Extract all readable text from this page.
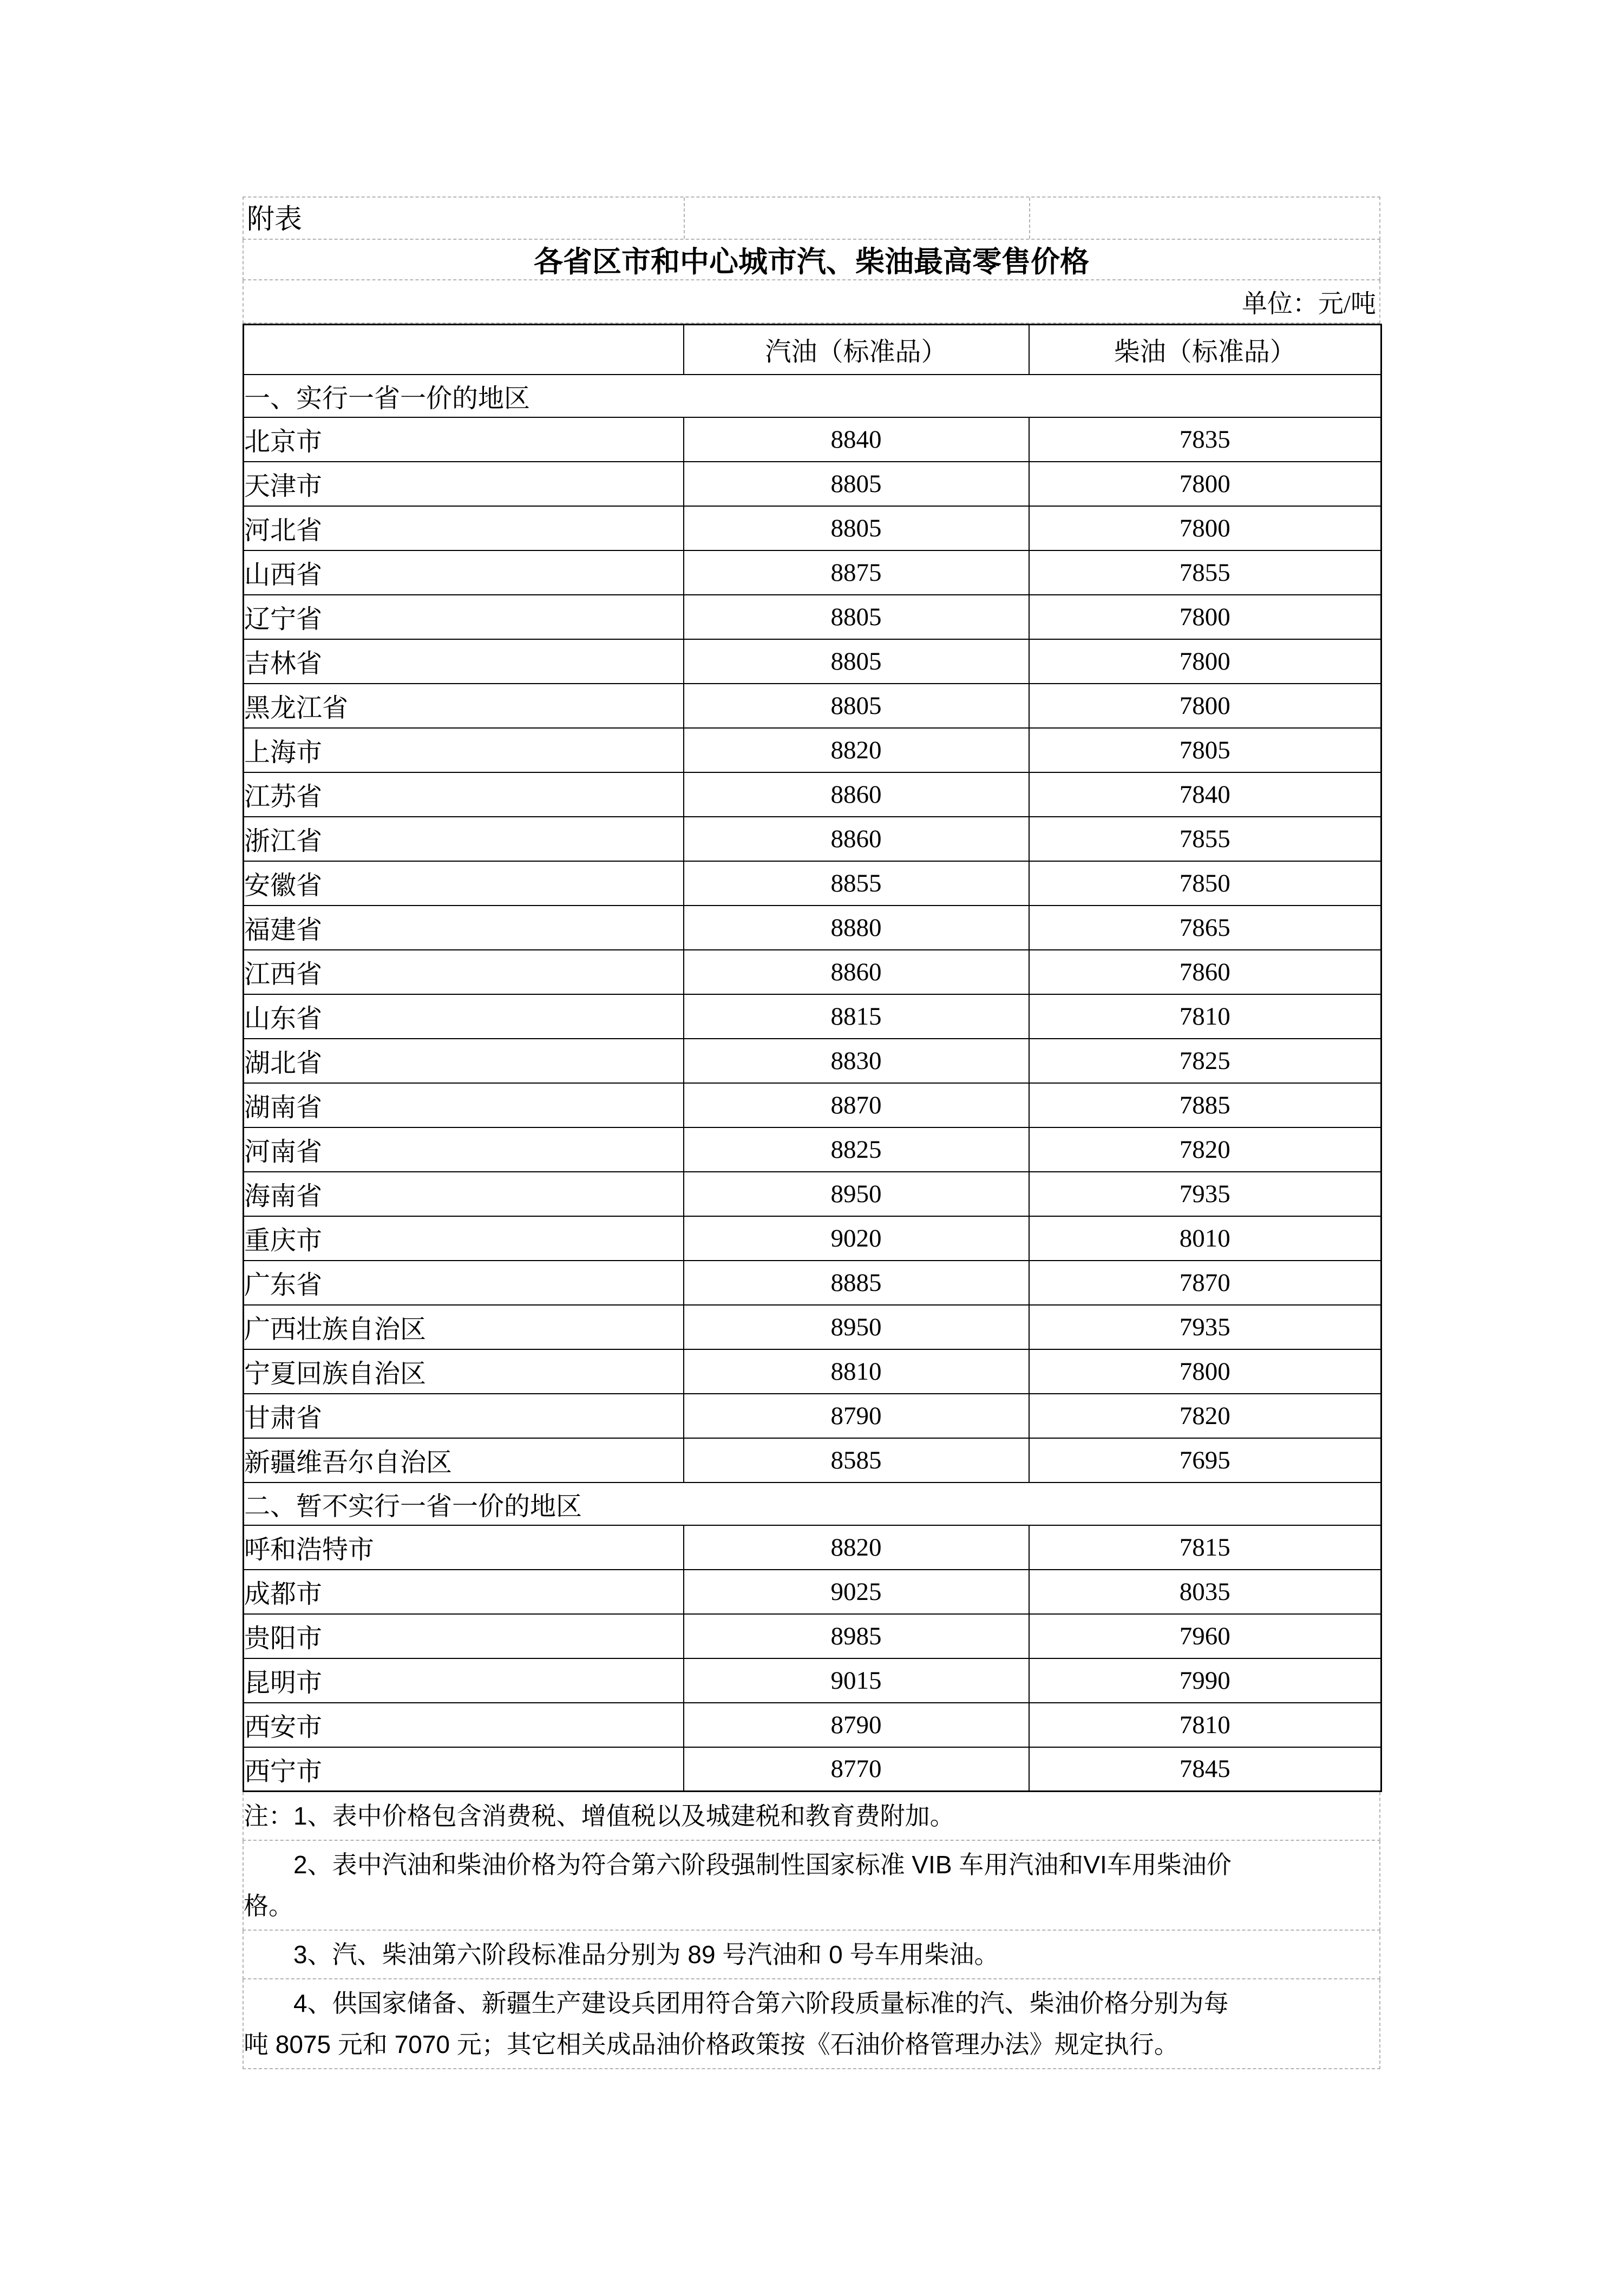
附表
各省区市和中心城市汽、柴油最高零售价格
单位：元/吨
	汽油（标准品）	柴油（标准品）
一、实行一省一价的地区		
北京市	8840	7835
天津市	8805	7800
河北省	8805	7800
山西省	8875	7855
辽宁省	8805	7800
吉林省	8805	7800
黑龙江省	8805	7800
上海市	8820	7805
江苏省	8860	7840
浙江省	8860	7855
安徽省	8855	7850
福建省	8880	7865
江西省	8860	7860
山东省	8815	7810
湖北省	8830	7825
湖南省	8870	7885
河南省	8825	7820
海南省	8950	7935
重庆市	9020	8010
广东省	8885	7870
广西壮族自治区	8950	7935
宁夏回族自治区	8810	7800
甘肃省	8790	7820
新疆维吾尔自治区	8585	7695
二、暂不实行一省一价的地区		
呼和浩特市	8820	7815
成都市	9025	8035
贵阳市	8985	7960
昆明市	9015	7990
西安市	8790	7810
西宁市	8770	7845
注：1、表中价格包含消费税、增值税以及城建税和教育费附加。
　　2、表中汽油和柴油价格为符合第六阶段强制性国家标准 VIB 车用汽油和VI车用柴油价
格。
　　3、汽、柴油第六阶段标准品分别为 89 号汽油和 0 号车用柴油。
　　4、供国家储备、新疆生产建设兵团用符合第六阶段质量标准的汽、柴油价格分别为每
吨 8075 元和 7070 元；其它相关成品油价格政策按《石油价格管理办法》规定执行。
